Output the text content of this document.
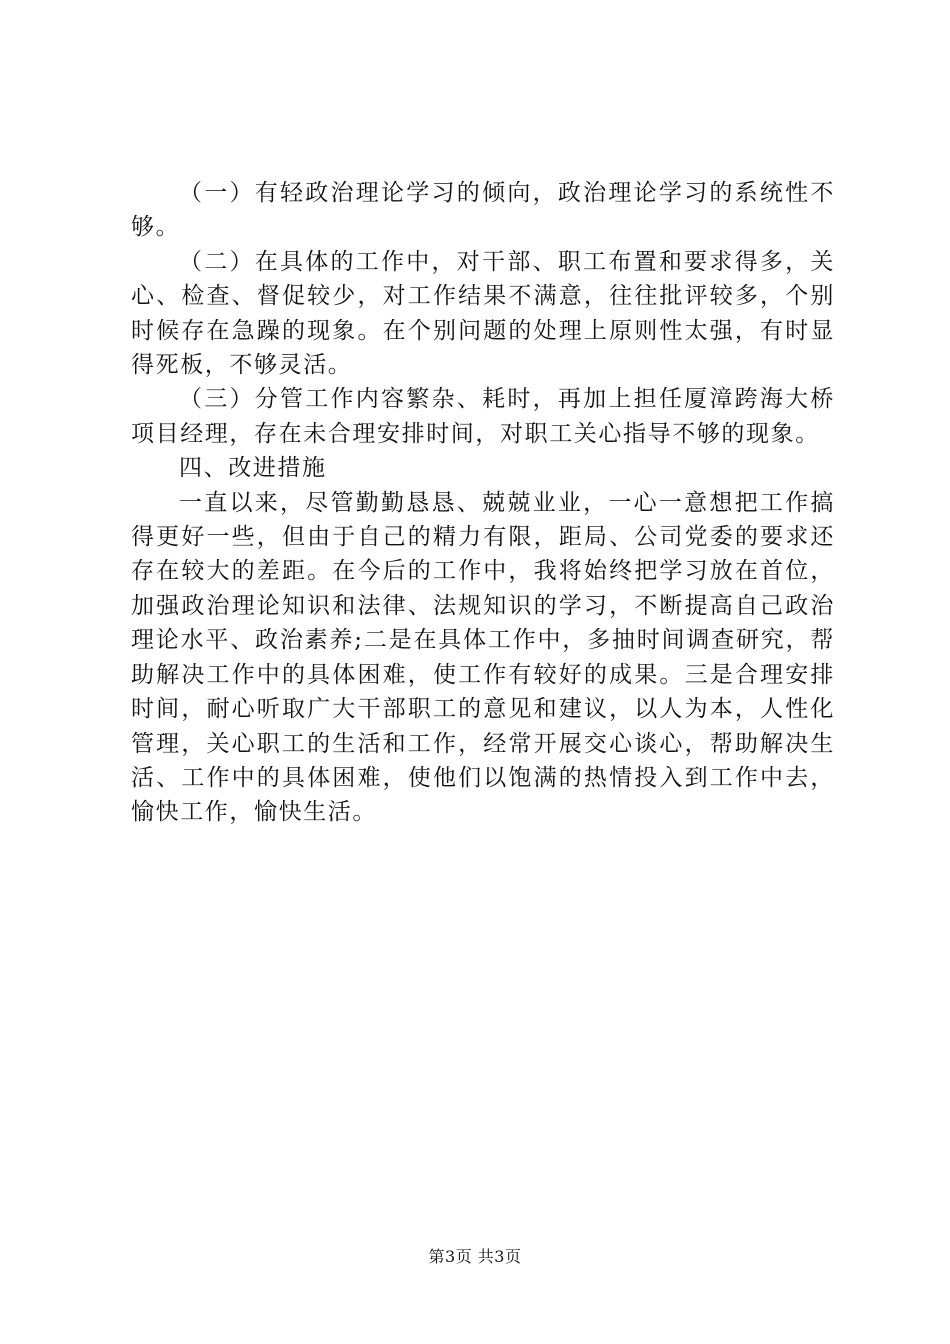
（一）有轻政治理论学习的倾向，政治理论学习的系统性不够。

（二）在具体的工作中，对干部、职工布置和要求得多，关心、检查、督促较少，对工作结果不满意，往往批评较多，个别时候存在急躁的现象。在个别问题的处理上原则性太强，有时显得死板，不够灵活。

（三）分管工作内容繁杂、耗时，再加上担任厦漳跨海大桥项目经理，存在未合理安排时间，对职工关心指导不够的现象。

四、改进措施

一直以来，尽管勤勤恳恳、兢兢业业，一心一意想把工作搞得更好一些，但由于自己的精力有限，距局、公司党委的要求还存在较大的差距。在今后的工作中，我将始终把学习放在首位，加强政治理论知识和法律、法规知识的学习，不断提高自己政治理论水平、政治素养;二是在具体工作中，多抽时间调查研究，帮助解决工作中的具体困难，使工作有较好的成果。三是合理安排时间，耐心听取广大干部职工的意见和建议，以人为本，人性化管理，关心职工的生活和工作，经常开展交心谈心，帮助解决生活、工作中的具体困难，使他们以饱满的热情投入到工作中去，愉快工作，愉快生活。

第3页 共3页
